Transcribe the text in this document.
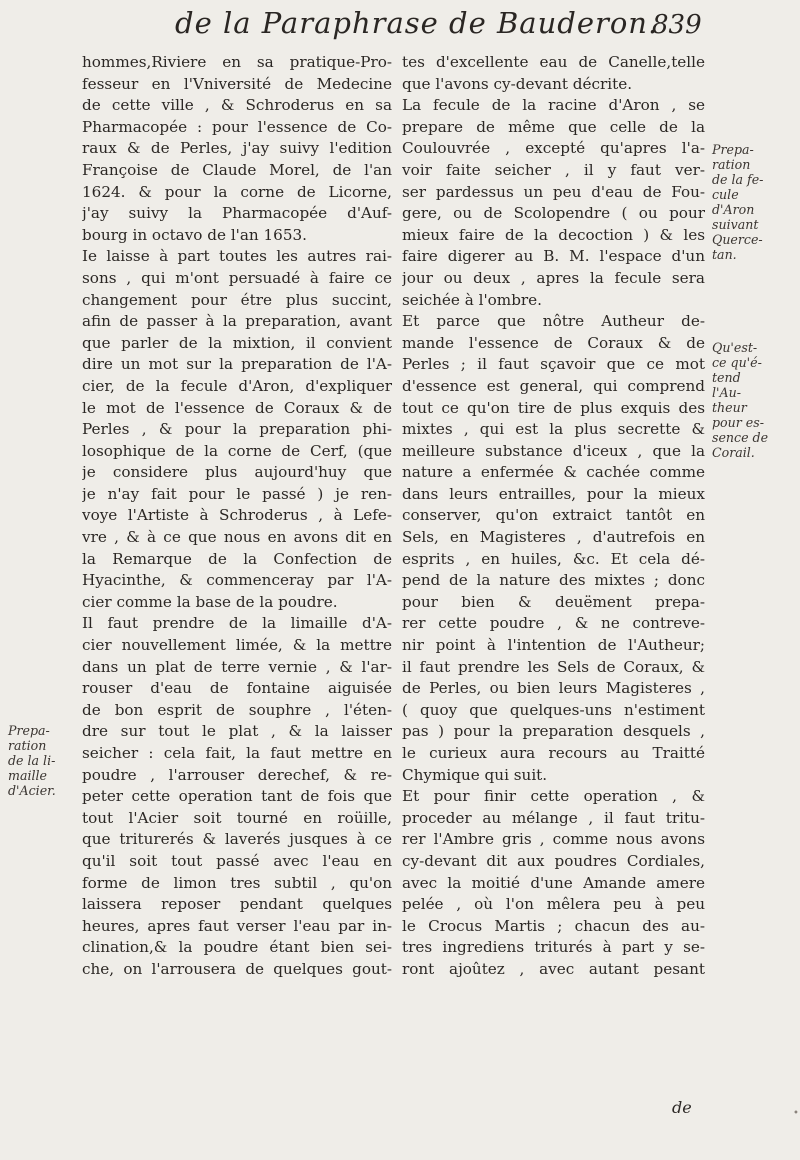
de la Paraphrase de Bauderon.
839
hommes,Riviere en sa pratique-Pro-
fesseur en l'Vniversité de Medecine
de cette ville , & Schroderus en sa
Pharmacopée : pour l'essence de Co-
raux & de Perles, j'ay suivy l'edition
Françoise de Claude Morel, de l'an
1624. & pour la corne de Licorne,
j'ay suivy la Pharmacopée d'Auf-
bourg in octavo de l'an 1653.
Ie laisse à part toutes les autres rai-
sons , qui m'ont persuadé à faire ce
changement pour étre plus succint,
afin de passer à la preparation, avant
que parler de la mixtion, il convient
dire un mot sur la preparation de l'A-
cier, de la fecule d'Aron, d'expliquer
le mot de l'essence de Coraux & de
Perles , & pour la preparation phi-
losophique de la corne de Cerf, (que
je considere plus aujourd'huy que
je n'ay fait pour le passé ) je ren-
voye l'Artiste à Schroderus , à Lefe-
vre , & à ce que nous en avons dit en
la Remarque de la Confection de
Hyacinthe, & commenceray par l'A-
cier comme la base de la poudre.
Il faut prendre de la limaille d'A-
cier nouvellement limée, & la mettre
dans un plat de terre vernie , & l'ar-
rouser d'eau de fontaine aiguisée
de bon esprit de souphre , l'éten-
dre sur tout le plat , & la laisser
seicher : cela fait, la faut mettre en
poudre , l'arrouser derechef, & re-
peter cette operation tant de fois que
tout l'Acier soit tourné en roüille,
que triturerés & laverés jusques à ce
qu'il soit tout passé avec l'eau en
forme de limon tres subtil , qu'on
laissera reposer pendant quelques
heures, apres faut verser l'eau par in-
clination,& la poudre étant bien sei-
che, on l'arrousera de quelques gout-
tes d'excellente eau de Canelle,telle
que l'avons cy-devant décrite.
La fecule de la racine d'Aron , se
prepare de même que celle de la
Coulouvrée , excepté qu'apres l'a-
voir faite seicher , il y faut ver-
ser pardessus un peu d'eau de Fou-
gere, ou de Scolopendre ( ou pour
mieux faire de la decoction ) & les
faire digerer au B. M. l'espace d'un
jour ou deux , apres la fecule sera
seichée à l'ombre.
Et parce que nôtre Autheur de-
mande l'essence de Coraux & de
Perles ; il faut sçavoir que ce mot
d'essence est general, qui comprend
tout ce qu'on tire de plus exquis des
mixtes , qui est la plus secrette &
meilleure substance d'iceux , que la
nature a enfermée & cachée comme
dans leurs entrailles, pour la mieux
conserver, qu'on extraict tantôt en
Sels, en Magisteres , d'autrefois en
esprits , en huiles, &c. Et cela dé-
pend de la nature des mixtes ; donc
pour bien & deuëment prepa-
rer cette poudre , & ne contreve-
nir point à l'intention de l'Autheur;
il faut prendre les Sels de Coraux, &
de Perles, ou bien leurs Magisteres ,
( quoy que quelques-uns n'estiment
pas ) pour la preparation desquels ,
le curieux aura recours au Traitté
Chymique qui suit.
Et pour finir cette operation , &
proceder au mélange , il faut tritu-
rer l'Ambre gris , comme nous avons
cy-devant dit aux poudres Cordiales,
avec la moitié d'une Amande amere
pelée , où l'on mêlera peu à peu
le Crocus Martis ; chacun des au-
tres ingrediens triturés à part y se-
ront ajoûtez , avec autant pesant
Prepa-
ration
de la li-
maille
d'Acier.
Prepa-
ration
de la fe-
cule
d'Aron
suivant
Querce-
tan.
Qu'est-
ce qu'é-
tend
l'Au-
theur
pour es-
sence de
Corail.
de	•
